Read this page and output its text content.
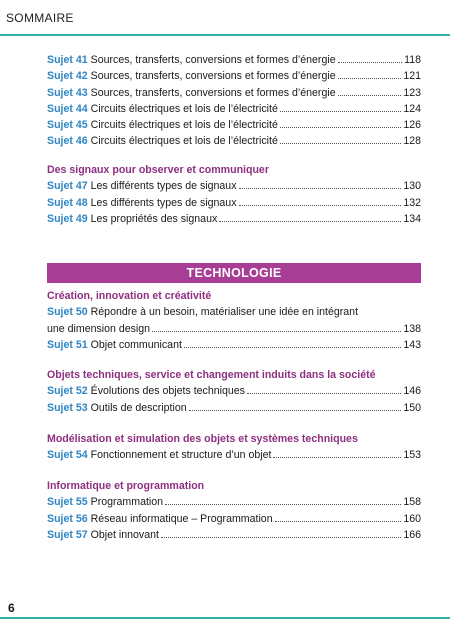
SOMMAIRE
Sujet 41 Sources, transferts, conversions et formes d’énergie	118
Sujet 42 Sources, transferts, conversions et formes d’énergie	121
Sujet 43 Sources, transferts, conversions et formes d’énergie	123
Sujet 44 Circuits électriques et lois de l’électricité	124
Sujet 45 Circuits électriques et lois de l’électricité	126
Sujet 46 Circuits électriques et lois de l’électricité	128
Des signaux pour observer et communiquer
Sujet 47 Les différents types de signaux	130
Sujet 48 Les différents types de signaux	132
Sujet 49 Les propriétés des signaux	134
TECHNOLOGIE
Création, innovation et créativité
Sujet 50 Répondre à un besoin, matérialiser une idée en intégrant
une dimension design	138
Sujet 51 Objet communicant	143
Objets techniques, service et changement induits dans la société
Sujet 52 Évolutions des objets techniques	146
Sujet 53 Outils de description	150
Modélisation et simulation des objets et systèmes techniques
Sujet 54 Fonctionnement et structure d’un objet	153
Informatique et programmation
Sujet 55 Programmation	158
Sujet 56 Réseau informatique – Programmation	160
Sujet 57 Objet innovant	166
6
